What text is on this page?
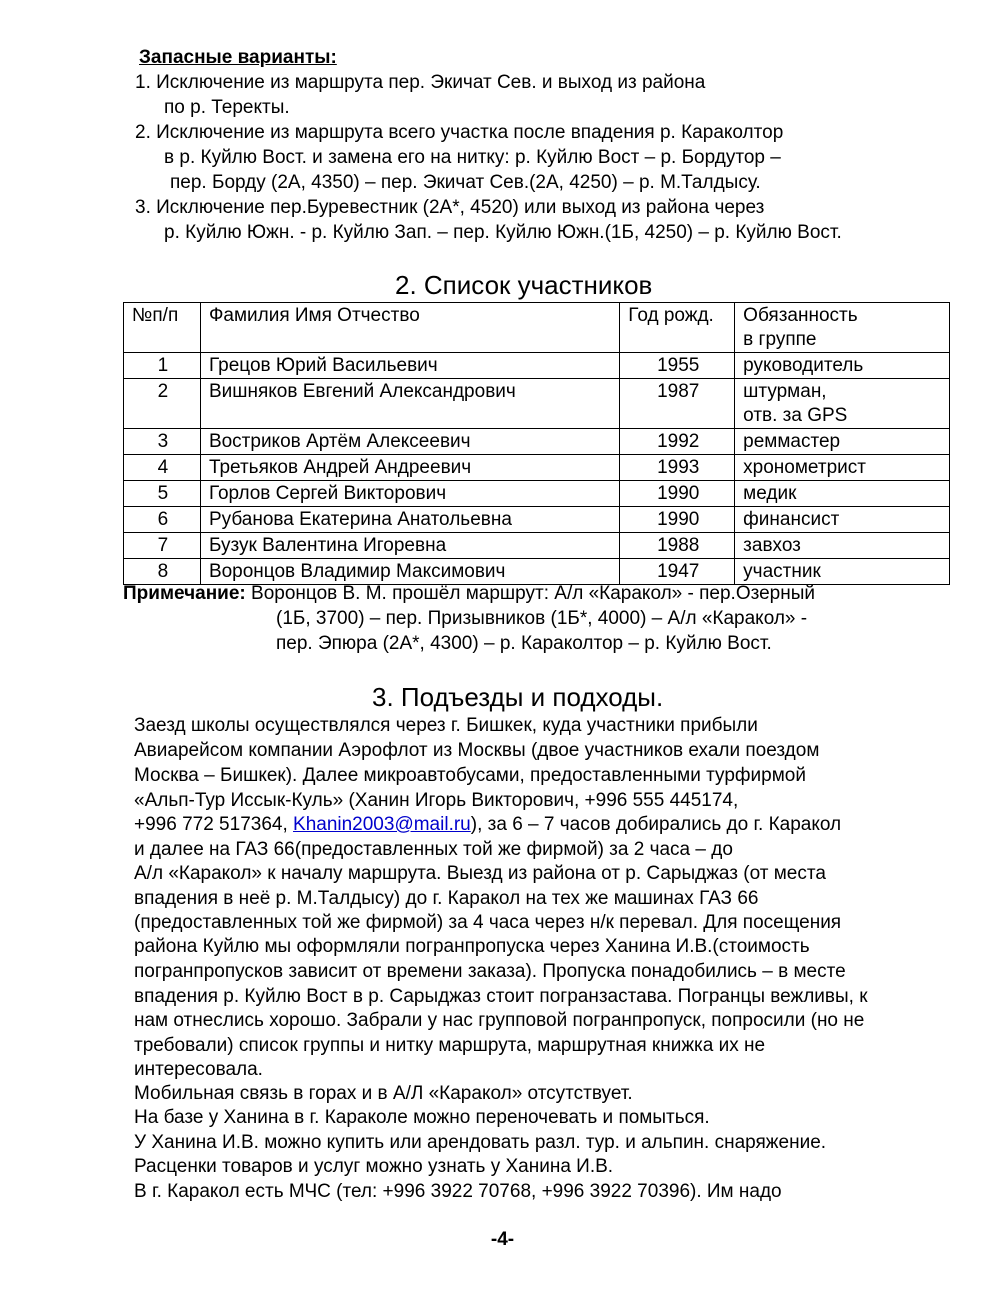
Запасные варианты:
1. Исключение из маршрута пер. Экичат Сев. и выход из района
по р. Теректы.
2. Исключение из маршрута всего участка после впадения р. Караколтор
в р. Куйлю Вост. и замена его на нитку: р. Куйлю Вост – р. Бордутор –
пер. Борду (2А, 4350) – пер. Экичат Сев.(2А, 4250) – р. М.Талдысу.
3. Исключение пер.Буревестник (2А*, 4520) или выход из района через
р. Куйлю Южн. - р. Куйлю Зап. – пер. Куйлю Южн.(1Б, 4250) – р. Куйлю Вост.
2. Список участников
№п/п	Фамилия Имя Отчество	Год рожд.	Обязанность
в группе

1	Грецов Юрий Васильевич	1955	руководитель
2	Вишняков Евгений Александрович	1987	штурман,
отв. за GPS

3	Востриков Артём Алексеевич	1992	реммастер
4	Третьяков Андрей Андреевич	1993	хронометрист
5	Горлов Сергей Викторович	1990	медик
6	Рубанова Екатерина Анатольевна	1990	финансист
7	Бузук Валентина Игоревна	1988	завхоз
8	Воронцов Владимир Максимович	1947	участник
Примечание: Воронцов В. М. прошёл маршрут: А/л «Каракол» - пер.Озерный
(1Б, 3700) – пер. Призывников (1Б*, 4000) – А/л «Каракол» -
пер. Эпюра (2А*, 4300) – р. Караколтор – р. Куйлю Вост.
3. Подъезды и подходы.
Заезд школы осуществлялся через г. Бишкек, куда участники прибыли
Авиарейсом компании Аэрофлот из Москвы (двое участников ехали поездом
Москва – Бишкек). Далее микроавтобусами, предоставленными турфирмой
«Альп-Тур Иссык-Куль» (Ханин Игорь Викторович, +996 555 445174,
+996 772 517364, Khanin2003@mail.ru), за 6 – 7 часов добирались до г. Каракол
и далее на ГАЗ 66(предоставленных той же фирмой) за 2 часа – до
А/л «Каракол» к началу маршрута. Выезд из района от р. Сарыджаз (от места
впадения в неё р. М.Талдысу) до г. Каракол на тех же машинах ГАЗ 66
(предоставленных той же фирмой) за 4 часа через н/к перевал. Для посещения
района Куйлю мы оформляли погранпропуска через Ханина И.В.(стоимость
погранпропусков зависит от времени заказа). Пропуска понадобились – в месте
впадения р. Куйлю Вост в р. Сарыджаз стоит погранзастава. Погранцы вежливы, к
нам отнеслись хорошо. Забрали у нас групповой погранпропуск, попросили (но не
требовали) список группы и нитку маршрута, маршрутная книжка их не
интересовала.
Мобильная связь в горах и в А/Л «Каракол» отсутствует.
На базе у Ханина в г. Караколе можно переночевать и помыться.
У Ханина И.В. можно купить или арендовать разл. тур. и альпин. снаряжение.
Расценки товаров и услуг можно узнать у Ханина И.В.
В г. Каракол есть МЧС (тел: +996 3922 70768, +996 3922 70396). Им надо
-4-
